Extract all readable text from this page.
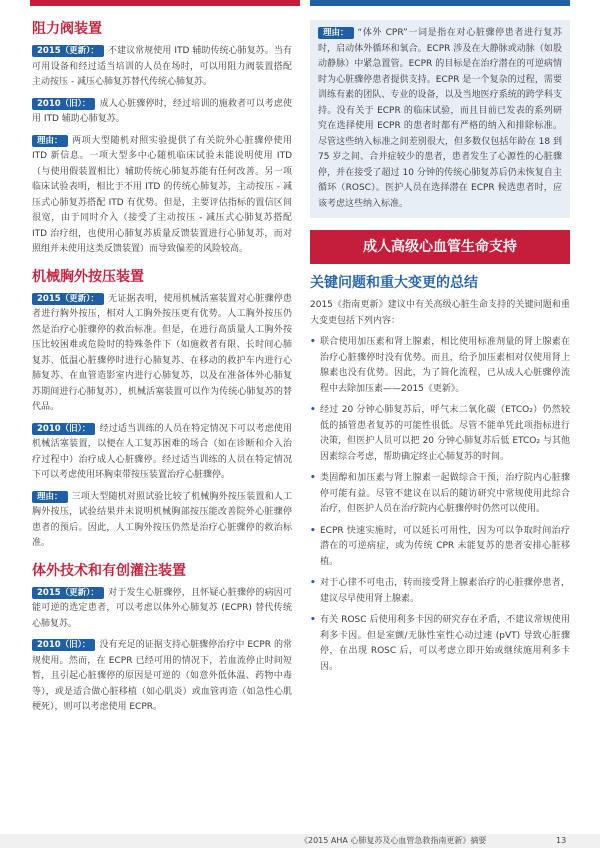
阻力阀装置
2015（更新）： 不建议常规使用 ITD 辅助传统心肺复苏。当有可用设备和经过适当培训的人员在场时，可以用阻力阀装置搭配主动按压 - 减压心肺复苏替代传统心肺复苏。
2010（旧）： 成人心脏骤停时，经过培训的施救者可以考虑使用 ITD 辅助心肺复苏。
理由： 两项大型随机对照实验提供了有关院外心脏骤停使用 ITD 新信息。一项大型多中心随机临床试验未能说明使用 ITD（与使用假装置相比）辅助传统心肺复苏能有任何改善。另一项临床试验表明，相比于不用 ITD 的传统心肺复苏，主动按压 - 减压式心肺复苏搭配 ITD 有优势。但是，主要评估指标的置信区间很宽，由于同时介入（接受了主动按压 - 减压式心肺复苏搭配 ITD 治疗组，也使用心肺复苏质量反馈装置进行心肺复苏，而对照组并未使用这类反馈装置）而导致偏差的风险较高。
机械胸外按压装置
2015（更新）： 无证据表明，使用机械活塞装置对心脏骤停患者进行胸外按压，相对人工胸外按压更有优势。人工胸外按压仍然是治疗心脏骤停的救治标准。但是，在进行高质量人工胸外按压比较困难或危险时的特殊条件下（如施救者有限、长时间心肺复苏、低温心脏骤停时进行心肺复苏、在移动的救护车内进行心肺复苏、在血管造影室内进行心肺复苏，以及在准备体外心肺复苏期间进行心肺复苏），机械活塞装置可以作为传统心肺复苏的替代品。
2010（旧）： 经过适当训练的人员在特定情况下可以考虑使用机械活塞装置，以便在人工复苏困难的场合（如在诊断和介入治疗过程中）治疗成人心脏骤停。经过适当训练的人员在特定情况下可以考虑使用环胸束带按压装置治疗心脏骤停。
理由： 三项大型随机对照试验比较了机械胸外按压装置和人工胸外按压，试验结果并未说明机械胸部按压能改善院外心脏骤停患者的预后。因此，人工胸外按压仍然是治疗心脏骤停的救治标准。
体外技术和有创灌注装置
2015（更新）： 对于发生心脏骤停，且怀疑心脏骤停的病因可能可逆的选定患者，可以考虑以体外心肺复苏 (ECPR) 替代传统心肺复苏。
2010（旧）： 没有充足的证据支持心脏骤停治疗中 ECPR 的常规使用。然而，在 ECPR 已经可用的情况下，若血流停止时间短暂，且引起心脏骤停的原因是可逆的（如意外低体温、药物中毒等），或是适合做心脏移植（如心肌炎）或血管再造（如急性心肌梗死），则可以考虑使用 ECPR。
理由： “体外 CPR”一词是指在对心脏骤停患者进行复苏时，启动体外循环和氧合。ECPR 涉及在大静脉或动脉（如股动静脉）中紧急置管。ECPR 的目标是在治疗潜在的可逆病情时为心脏骤停患者提供支持。ECPR 是一个复杂的过程，需要训练有素的团队、专业的设备，以及当地医疗系统的跨学科支持。没有关于 ECPR 的临床试验，而且目前已发表的系列研究在选择使用 ECPR 的患者时都有严格的纳入和排除标准。尽管这些纳入标准之间差别很大，但多数仅包括年龄在 18 到 75 岁之间、合并症较少的患者，患者发生了心源性的心脏骤停，并在接受了超过 10 分钟的传统心肺复苏后仍未恢复自主循环（ROSC）。医护人员在选择潜在 ECPR 候选患者时，应该考虑这些纳入标准。
成人高级心血管生命支持
关键问题和重大变更的总结
2015《指南更新》建议中有关高级心脏生命支持的关键问题和重大变更包括下列内容：
• 联合使用加压素和肾上腺素，相比使用标准剂量的肾上腺素在治疗心脏骤停时没有优势。而且，给予加压素相对仅使用肾上腺素也没有优势。因此，为了简化流程，已从成人心脏骤停流程中去除加压素——2015《更新》。
• 经过 20 分钟心肺复苏后，呼气末二氧化碳（ETCO₂）仍然较低的插管患者复苏的可能性很低。尽管不能单凭此项指标进行决策，但医护人员可以把 20 分钟心肺复苏后低 ETCO₂ 与其他因素综合考虑，帮助确定终止心肺复苏的时间。
• 类固醇和加压素与肾上腺素一起做综合干预，治疗院内心脏骤停可能有益。尽管不建议在以后的随访研究中常规使用此综合治疗，但医护人员在治疗院内心脏骤停时仍然可以使用。
• ECPR 快速实施时，可以延长可用性，因为可以争取时间治疗潜在的可逆病症，或为传统 CPR 未能复苏的患者安排心脏移植。
• 对于心律不可电击，转而接受肾上腺素治疗的心脏骤停患者，建议尽早使用肾上腺素。
• 有关 ROSC 后使用利多卡因的研究存在矛盾，不建议常规使用利多卡因。但是室颤/无脉性室性心动过速 (pVT) 导致心脏骤停，在出现 ROSC 后，可以考虑立即开始或继续施用利多卡因。
《2015 AHA 心肺复苏及心血管急救指南更新》摘要	13
